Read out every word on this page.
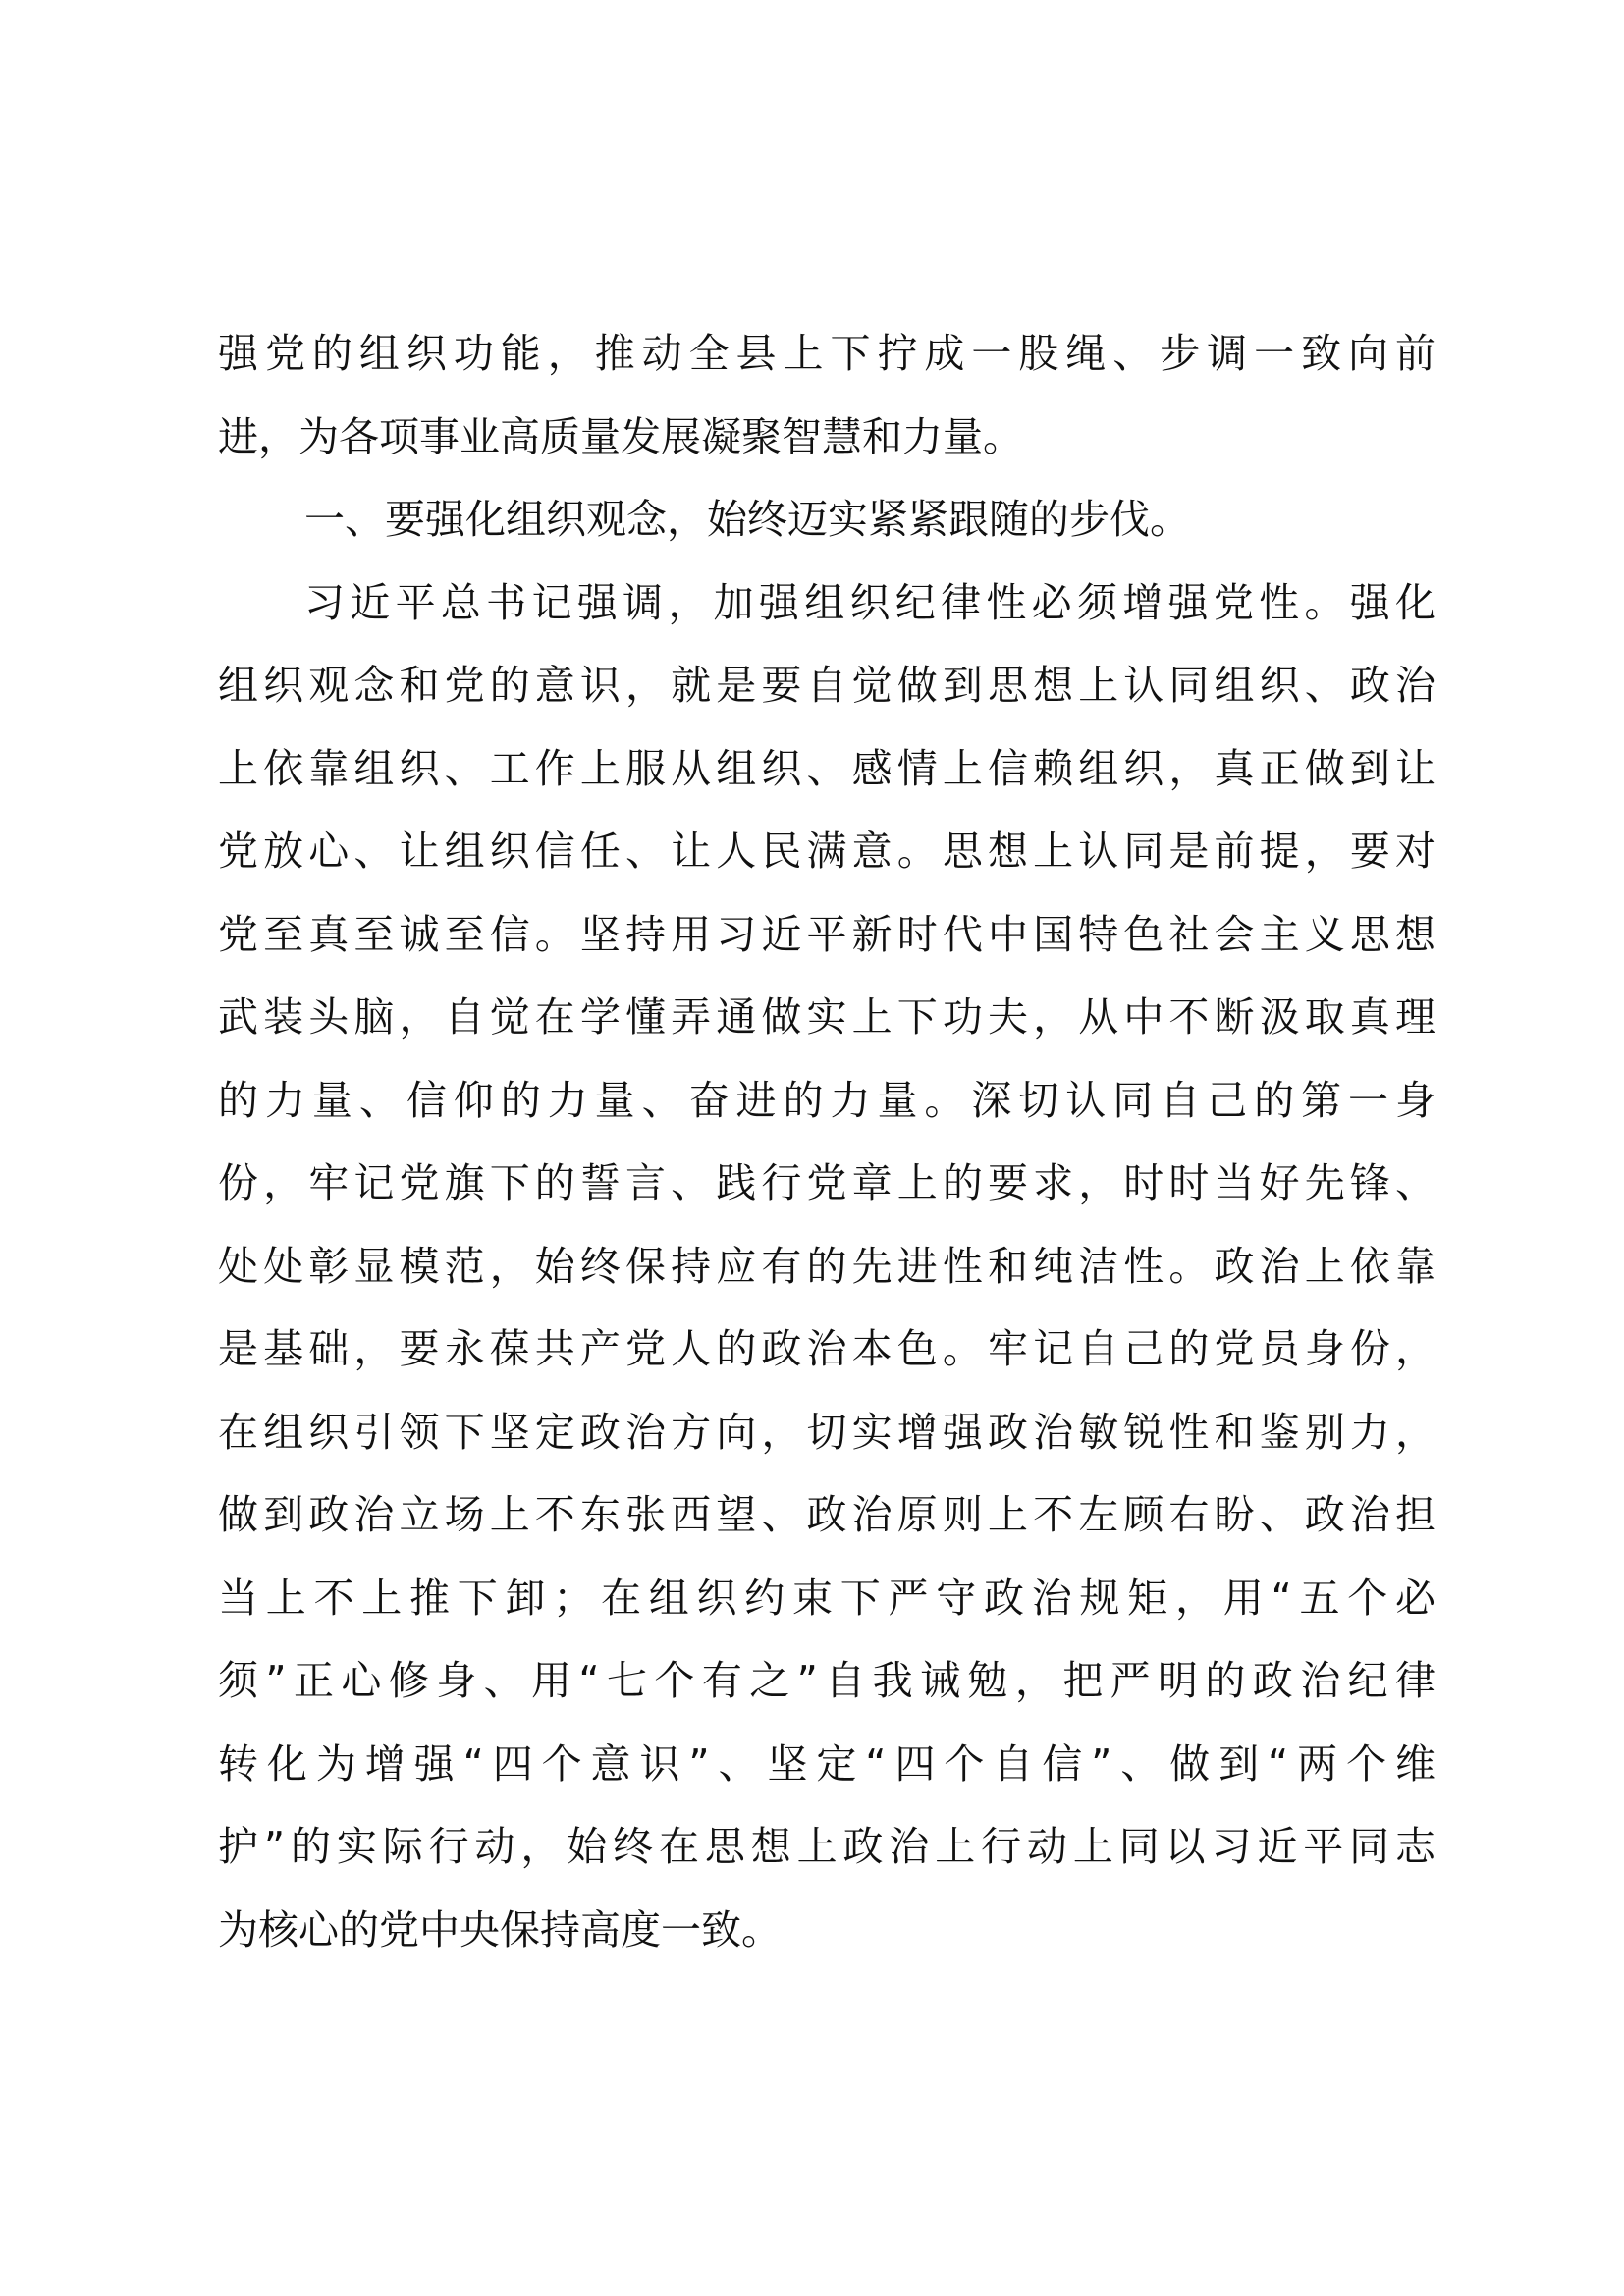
强党的组织功能，推动全县上下拧成一股绳、步调一致向前
进，为各项事业高质量发展凝聚智慧和力量。
一、要强化组织观念，始终迈实紧紧跟随的步伐。
习近平总书记强调，加强组织纪律性必须增强党性。强化
组织观念和党的意识，就是要自觉做到思想上认同组织、政治
上依靠组织、工作上服从组织、感情上信赖组织，真正做到让
党放心、让组织信任、让人民满意。思想上认同是前提，要对
党至真至诚至信。坚持用习近平新时代中国特色社会主义思想
武装头脑，自觉在学懂弄通做实上下功夫，从中不断汲取真理
的力量、信仰的力量、奋进的力量。深切认同自己的第一身
份，牢记党旗下的誓言、践行党章上的要求，时时当好先锋、
处处彰显模范，始终保持应有的先进性和纯洁性。政治上依靠
是基础，要永葆共产党人的政治本色。牢记自己的党员身份，
在组织引领下坚定政治方向，切实增强政治敏锐性和鉴别力，
做到政治立场上不东张西望、政治原则上不左顾右盼、政治担
当上不上推下卸；在组织约束下严守政治规矩，用“五个必
须”正心修身、用“七个有之”自我诫勉，把严明的政治纪律
转化为增强“四个意识”、坚定“四个自信”、做到“两个维
护”的实际行动，始终在思想上政治上行动上同以习近平同志
为核心的党中央保持高度一致。
